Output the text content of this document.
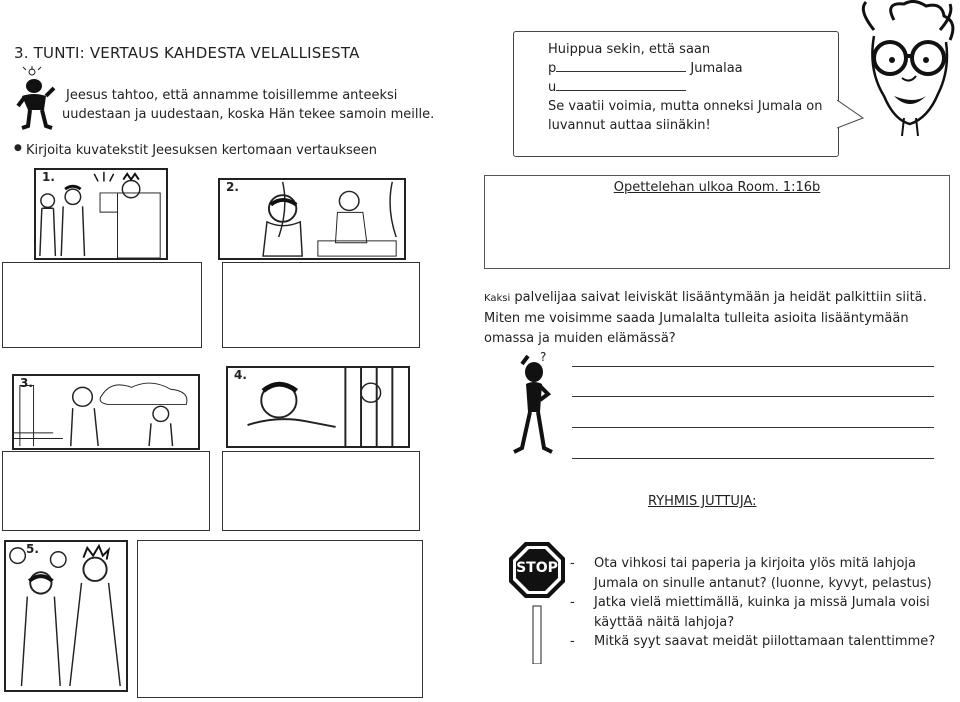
3. TUNTI: VERTAUS KAHDESTA VELALLISESTA
Jeesus tahtoo, että annamme toisillemme anteeksi
uudestaan ja uudestaan, koska Hän tekee samoin meille.
● Kirjoita kuvatekstit Jeesuksen kertomaan vertaukseen
Huippua sekin, että saan
p	Jumalaa
u
Se vaatii voimia, mutta onneksi Jumala on
luvannut auttaa siinäkin!
Opettelehan ulkoa Room. 1:16b
1.
2.
3.
4.
5.
Kaksi palvelijaa saivat leiviskät lisääntymään ja heidät palkittiin siitä.
Miten me voisimme saada Jumalalta tulleita asioita lisääntymään
omassa ja muiden elämässä?
?
RYHMIS JUTTUJA:
STOP
-	Ota vihkosi tai paperia ja kirjoita ylös mitä lahjoja Jumala on sinulle antanut? (luonne, kyvyt, pelastus)
- Jatka vielä miettimällä, kuinka ja missä Jumala voisi käyttää näitä lahjoja?
- Mitkä syyt saavat meidät piilottamaan talenttimme?
